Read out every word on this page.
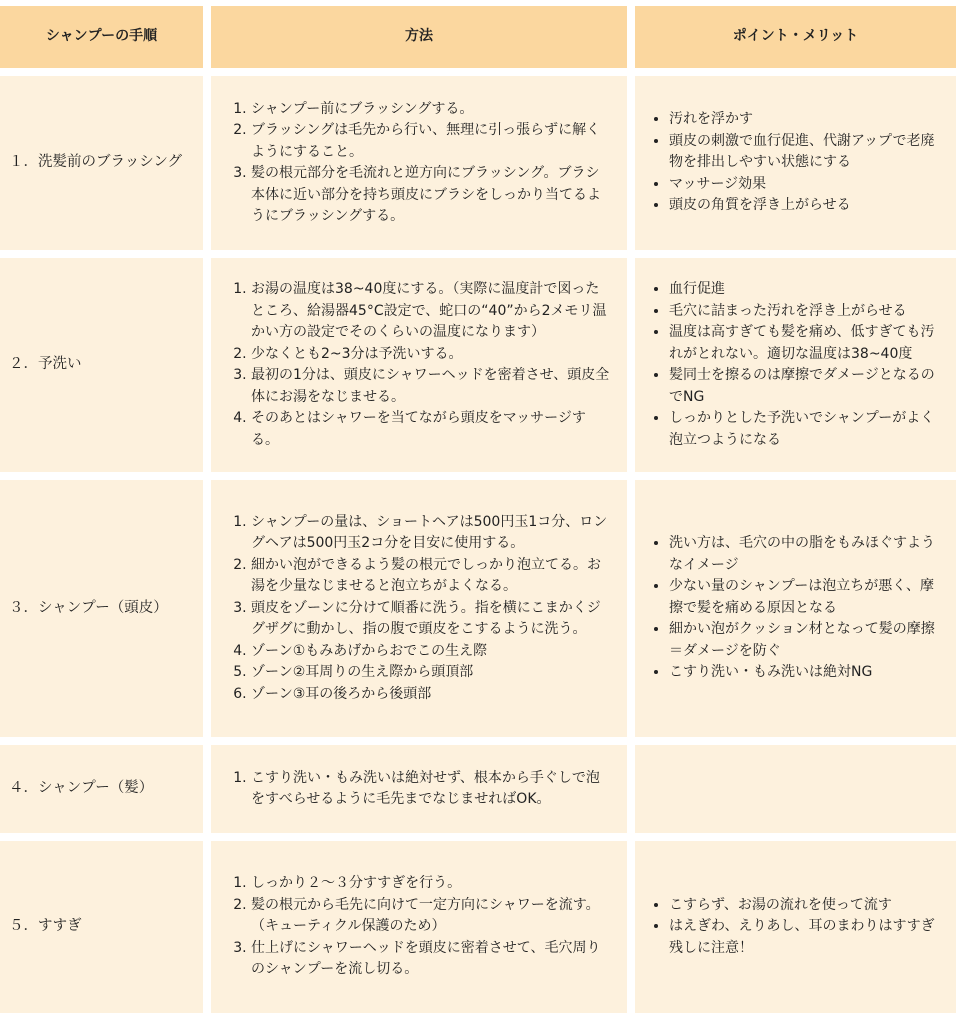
シャンプーの手順	方法	ポイント・メリット
１．洗髪前のブラッシング
1. シャンプー前にブラッシングする。
2. ブラッシングは毛先から行い、無理に引っ張らずに解くようにすること。
3. 髪の根元部分を毛流れと逆方向にブラッシング。ブラシ本体に近い部分を持ち頭皮にブラシをしっかり当てるようにブラッシングする。
• 汚れを浮かす
• 頭皮の刺激で血行促進、代謝アップで老廃物を排出しやすい状態にする
• マッサージ効果
• 頭皮の角質を浮き上がらせる
２．予洗い
1. お湯の温度は38~40度にする。（実際に温度計で図ったところ、給湯器45°C設定で、蛇口の“40”から2メモリ温かい方の設定でそのくらいの温度になります）
2. 少なくとも2~3分は予洗いする。
3. 最初の1分は、頭皮にシャワーヘッドを密着させ、頭皮全体にお湯をなじませる。
4. そのあとはシャワーを当てながら頭皮をマッサージする。
• 血行促進
• 毛穴に詰まった汚れを浮き上がらせる
• 温度は高すぎても髪を痛め、低すぎても汚れがとれない。適切な温度は38~40度
• 髪同士を擦るのは摩擦でダメージとなるのでNG
• しっかりとした予洗いでシャンプーがよく泡立つようになる
３．シャンプー（頭皮）
1. シャンプーの量は、ショートヘアは500円玉1コ分、ロングヘアは500円玉2コ分を目安に使用する。
2. 細かい泡ができるよう髪の根元でしっかり泡立てる。お湯を少量なじませると泡立ちがよくなる。
3. 頭皮をゾーンに分けて順番に洗う。指を横にこまかくジグザグに動かし、指の腹で頭皮をこするように洗う。
4. ゾーン①もみあげからおでこの生え際
5. ゾーン②耳周りの生え際から頭頂部
6. ゾーン③耳の後ろから後頭部
• 洗い方は、毛穴の中の脂をもみほぐすようなイメージ
• 少ない量のシャンプーは泡立ちが悪く、摩擦で髪を痛める原因となる
• 細かい泡がクッション材となって髪の摩擦＝ダメージを防ぐ
• こすり洗い・もみ洗いは絶対NG
４．シャンプー（髪）
1. こすり洗い・もみ洗いは絶対せず、根本から手ぐしで泡をすべらせるように毛先までなじませればOK。
５．すすぎ
1. しっかり２〜３分すすぎを行う。
2. 髪の根元から毛先に向けて一定方向にシャワーを流す。（キューティクル保護のため）
3. 仕上げにシャワーヘッドを頭皮に密着させて、毛穴周りのシャンプーを流し切る。
• こすらず、お湯の流れを使って流す
• はえぎわ、えりあし、耳のまわりはすすぎ残しに注意！
